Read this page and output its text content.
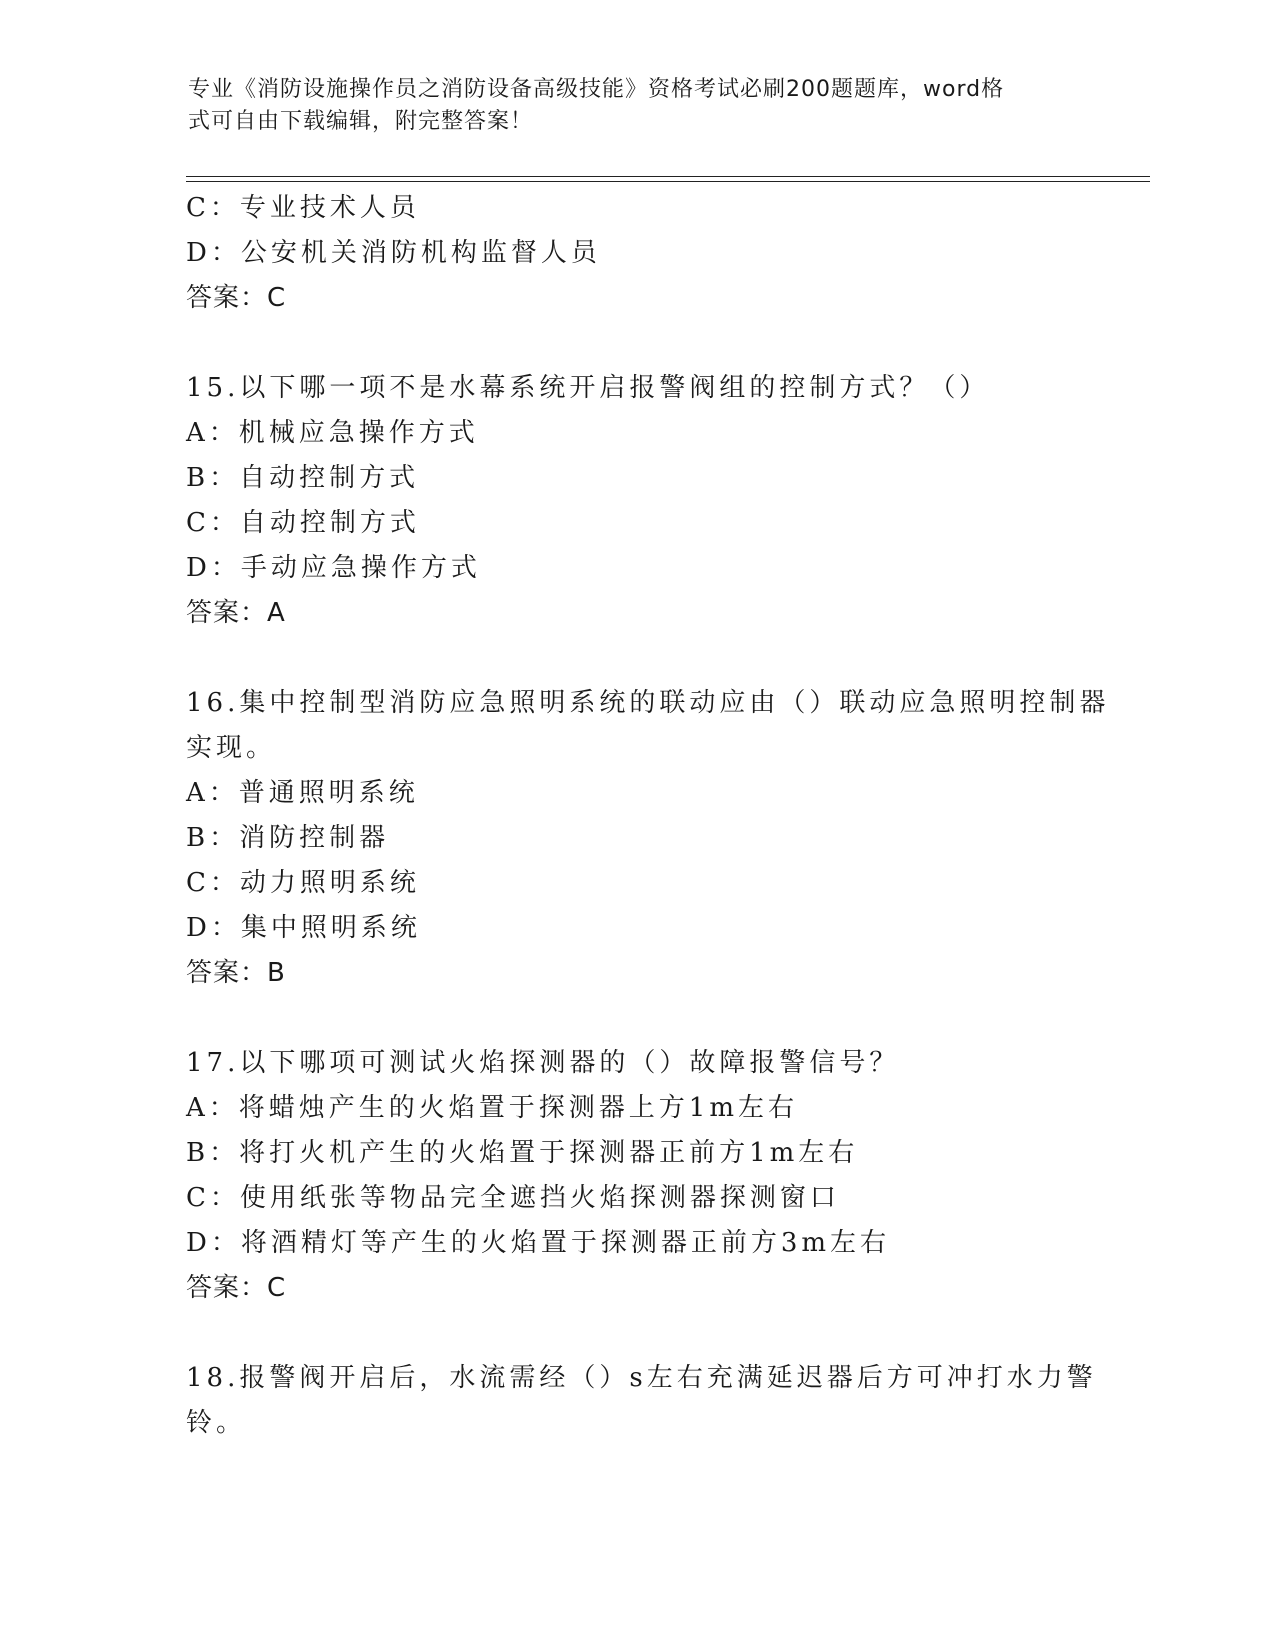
专业《消防设施操作员之消防设备高级技能》资格考试必刷200题题库，word格
式可自由下载编辑，附完整答案！
C：专业技术人员
D：公安机关消防机构监督人员
答案：C
15.以下哪一项不是水幕系统开启报警阀组的控制方式？（）
A：机械应急操作方式
B：自动控制方式
C：自动控制方式
D：手动应急操作方式
答案：A
16.集中控制型消防应急照明系统的联动应由（）联动应急照明控制器
实现。
A：普通照明系统
B：消防控制器
C：动力照明系统
D：集中照明系统
答案：B
17.以下哪项可测试火焰探测器的（）故障报警信号？
A：将蜡烛产生的火焰置于探测器上方1m左右
B：将打火机产生的火焰置于探测器正前方1m左右
C：使用纸张等物品完全遮挡火焰探测器探测窗口
D：将酒精灯等产生的火焰置于探测器正前方3m左右
答案：C
18.报警阀开启后，水流需经（）s左右充满延迟器后方可冲打水力警
铃。
